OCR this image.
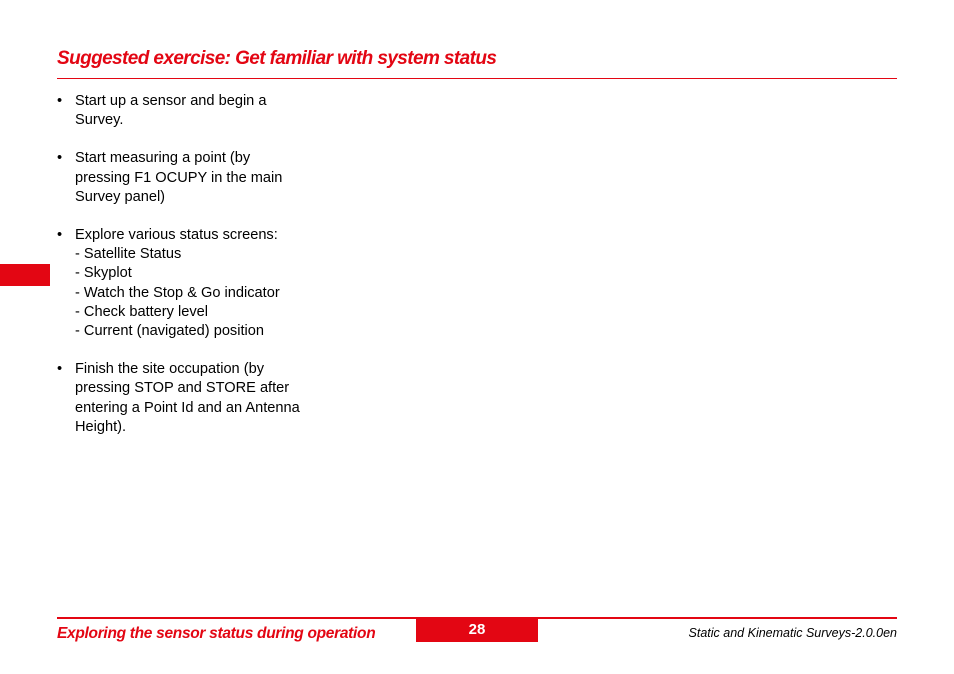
Suggested exercise: Get familiar with system status
• Start up a sensor and begin a
Survey.
• Start measuring a point (by
pressing F1 OCUPY in the main
Survey panel)
• Explore various status screens:
- Satellite Status
- Skyplot
- Watch the Stop & Go indicator
- Check battery level
- Current (navigated) position
• Finish the site occupation (by
pressing STOP and STORE after
entering a Point Id and an Antenna
Height).
Exploring the sensor status during operation	28	Static and Kinematic Surveys-2.0.0en
